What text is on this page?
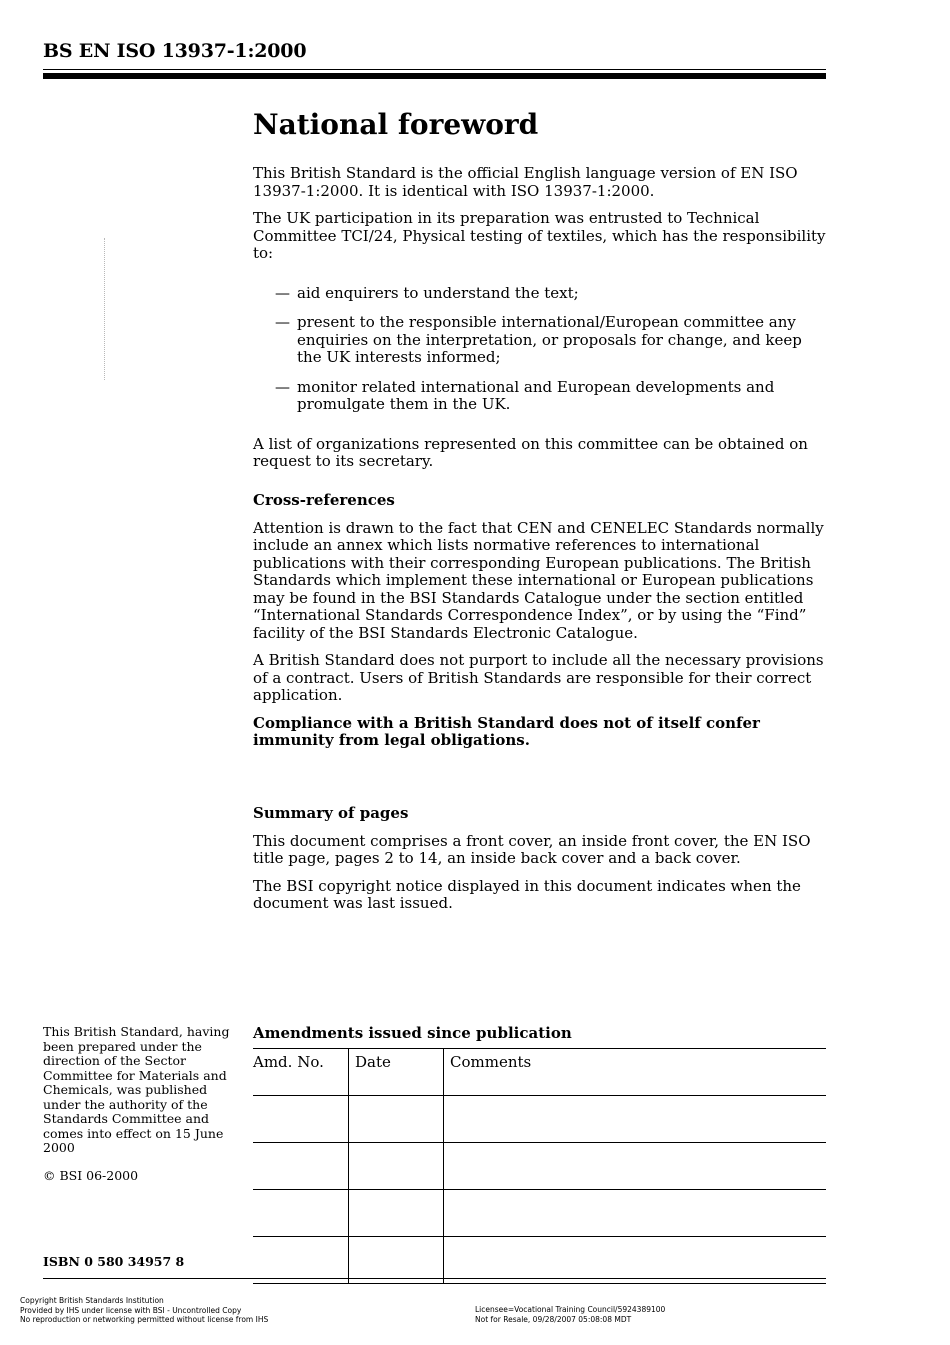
BS EN ISO 13937-1:2000
National foreword

This British Standard is the official English language version of EN ISO 13937-1:2000. It is identical with ISO 13937-1:2000.

The UK participation in its preparation was entrusted to Technical Committee TCI/24, Physical testing of textiles, which has the responsibility to:

— aid enquirers to understand the text;
— present to the responsible international/European committee any enquiries on the interpretation, or proposals for change, and keep the UK interests informed;
— monitor related international and European developments and promulgate them in the UK.

A list of organizations represented on this committee can be obtained on request to its secretary.

Cross-references

Attention is drawn to the fact that CEN and CENELEC Standards normally include an annex which lists normative references to international publications with their corresponding European publications. The British Standards which implement these international or European publications may be found in the BSI Standards Catalogue under the section entitled “International Standards Correspondence Index”, or by using the “Find” facility of the BSI Standards Electronic Catalogue.

A British Standard does not purport to include all the necessary provisions of a contract. Users of British Standards are responsible for their correct application.

Compliance with a British Standard does not of itself confer immunity from legal obligations.

Summary of pages

This document comprises a front cover, an inside front cover, the EN ISO title page, pages 2 to 14, an inside back cover and a back cover.

The BSI copyright notice displayed in this document indicates when the document was last issued.

This British Standard, having been prepared under the direction of the Sector Committee for Materials and Chemicals, was published under the authority of the Standards Committee and comes into effect on 15 June 2000
© BSI 06-2000
ISBN 0 580 34957 8
Amendments issued since publication
Amd. No.	Date	Comments

Copyright British Standards Institution
Provided by IHS under license with BSI - Uncontrolled Copy
No reproduction or networking permitted without license from IHS
Licensee=Vocational Training Council/5924389100
Not for Resale, 09/28/2007 05:08:08 MDT
